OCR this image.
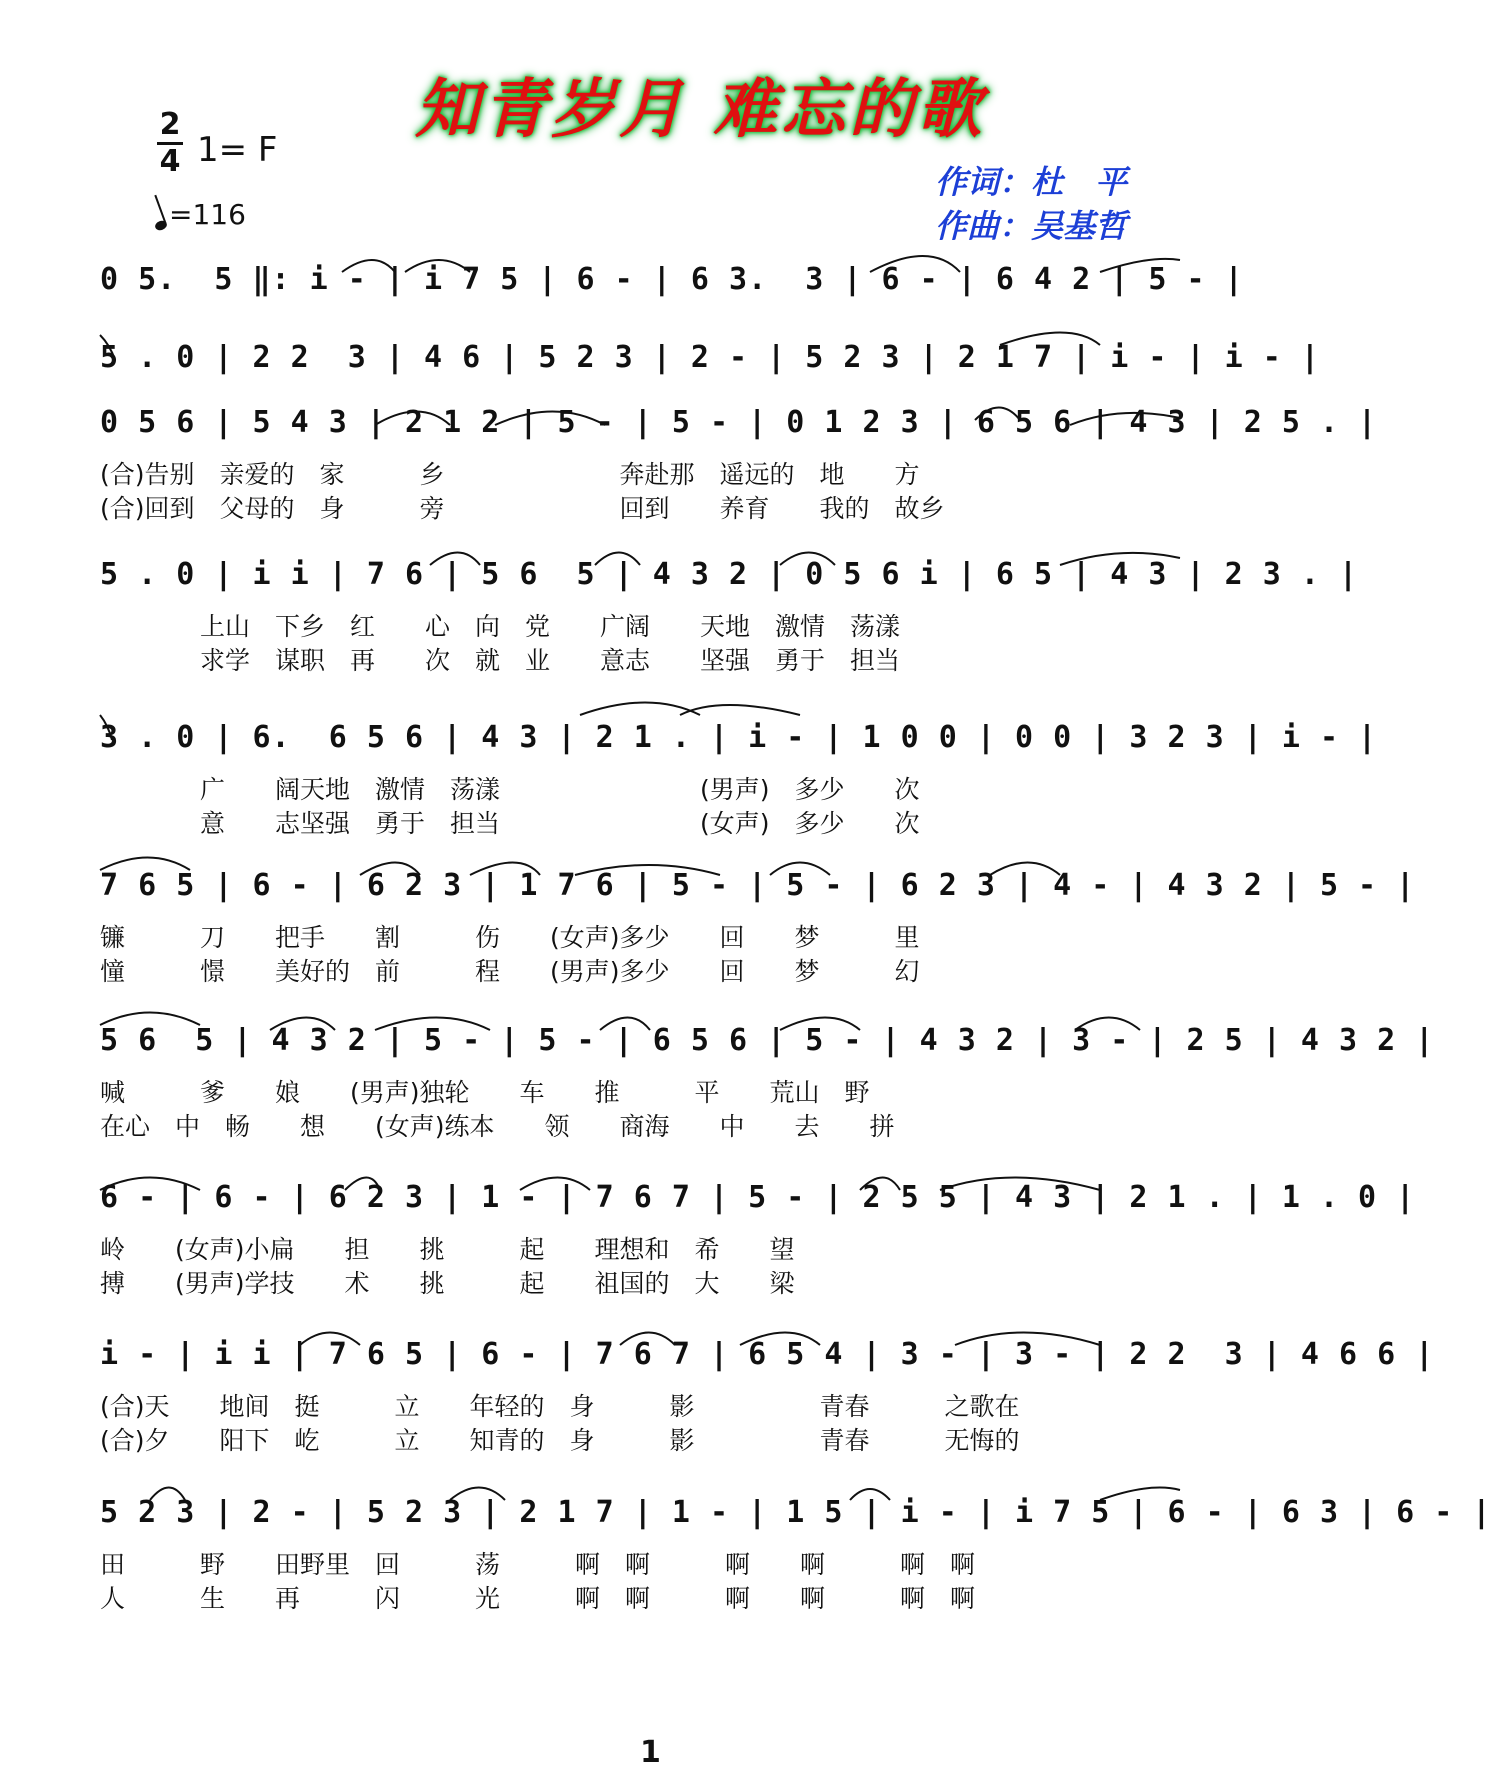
知青岁月 难忘的歌
2
4 1= F
=116
作词：杜　平
作曲：吴基哲
0 5.  5 ‖: i - | i 7 5 | 6 - | 6 3.  3 | 6 - | 6 4 2 | 5 - |
5 . 0 | 2 2  3 | 4 6 | 5 2 3 | 2 - | 5 2 3 | 2 1 7 | i - | i - |
0 5 6 | 5 4 3 | 2 1 2 | 5 - | 5 - | 0 1 2 3 | 6 5 6 | 4 3 | 2 5 . |
(合)告别　亲爱的　家　　　乡　　　　　　　奔赴那　遥远的　地　　方
(合)回到　父母的　身　　　旁　　　　　　　回到　　养育　　我的　故乡
5 . 0 | i i | 7 6 | 5 6  5 | 4 3 2 | 0 5 6 i | 6 5 | 4 3 | 2 3 . |
　　　　上山　下乡　红　　心　向　党　　广阔　　天地　激情　荡漾
　　　　求学　谋职　再　　次　就　业　　意志　　坚强　勇于　担当
3 . 0 | 6.  6 5 6 | 4 3 | 2 1 . | i - | 1 0 0 | 0 0 | 3 2 3 | i - |
　　　　广　　阔天地　激情　荡漾　　　　　　　　(男声)　多少　　次
　　　　意　　志坚强　勇于　担当　　　　　　　　(女声)　多少　　次
7 6 5 | 6 - | 6 2 3 | 1 7 6 | 5 - | 5 - | 6 2 3 | 4 - | 4 3 2 | 5 - |
镰　　　刀　　把手　　割　　　伤　　(女声)多少　　回　　梦　　　里
憧　　　憬　　美好的　前　　　程　　(男声)多少　　回　　梦　　　幻
5 6  5 | 4 3 2 | 5 - | 5 - | 6 5 6 | 5 - | 4 3 2 | 3 - | 2 5 | 4 3 2 |
喊　　　爹　　娘　　(男声)独轮　　车　　推　　　平　　荒山　野
在心　中　畅　　想　　(女声)练本　　领　　商海　　中　　去　　拼
6 - | 6 - | 6 2 3 | 1 - | 7 6 7 | 5 - | 2 5 5 | 4 3 | 2 1 . | 1 . 0 |
岭　　(女声)小扁　　担　　挑　　　起　　理想和　希　　望
搏　　(男声)学技　　术　　挑　　　起　　祖国的　大　　梁
i - | i i | 7 6 5 | 6 - | 7 6 7 | 6 5 4 | 3 - | 3 - | 2 2  3 | 4 6 6 |
(合)天　　地间　挺　　　立　　年轻的　身　　　影　　　　　青春　　　之歌在
(合)夕　　阳下　屹　　　立　　知青的　身　　　影　　　　　青春　　　无悔的
5 2 3 | 2 - | 5 2 3 | 2 1 7 | 1 - | 1 5 | i - | i 7 5 | 6 - | 6 3 | 6 - |
田　　　野　　田野里　回　　　荡　　　啊　啊　　　啊　　啊　　　啊　啊
人　　　生　　再　　　闪　　　光　　　啊　啊　　　啊　　啊　　　啊　啊
1
